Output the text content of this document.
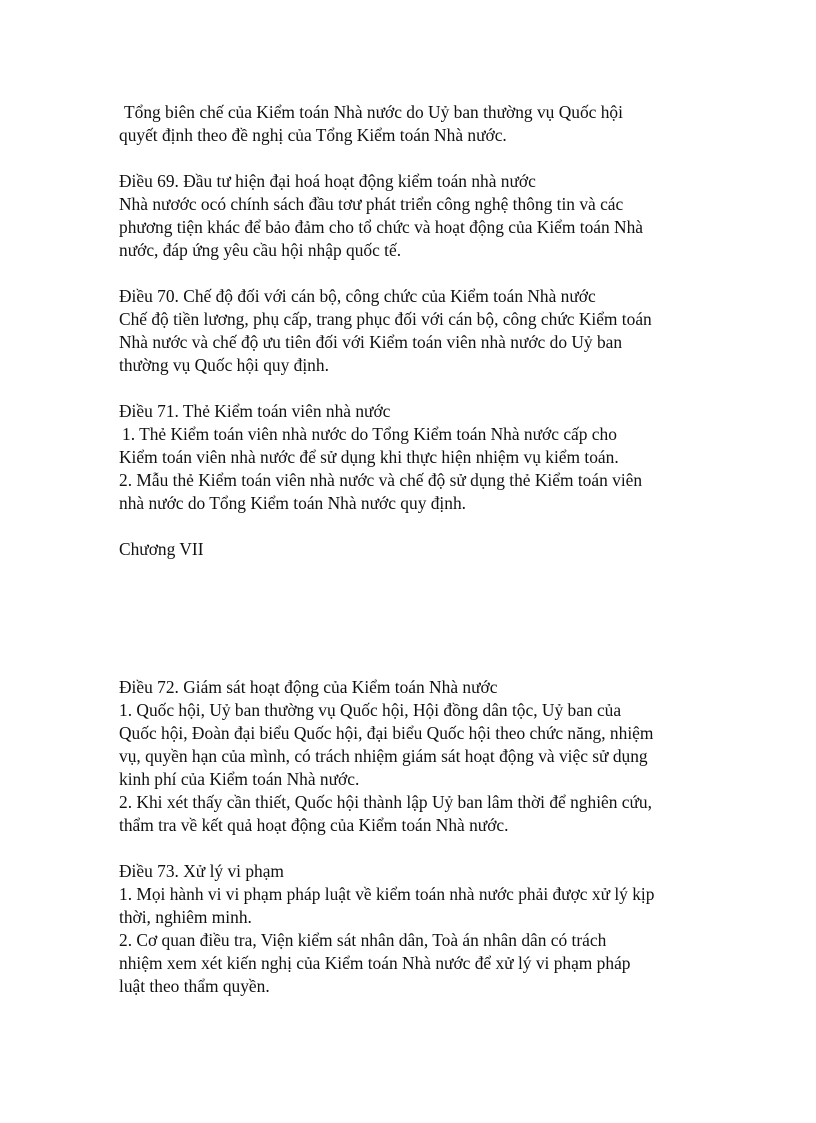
Tổng biên chế của Kiểm toán Nhà nước do Uỷ ban thường vụ Quốc hội
quyết định theo đề nghị của Tổng Kiểm toán Nhà nước.
Điều 69. Đầu tư hiện đại hoá hoạt động kiểm toán nhà nước
Nhà nươớc ocó chính sách đầu tơư phát triển công nghệ thông tin và các
phương tiện khác để bảo đảm cho tổ chức và hoạt động của Kiểm toán Nhà
nước, đáp ứng yêu cầu hội nhập quốc tế.
Điều 70. Chế độ đối với cán bộ, công chức của Kiểm toán Nhà nước
Chế độ tiền lương, phụ cấp, trang phục đối với cán bộ, công chức Kiểm toán
Nhà nước và chế độ ưu tiên đối với Kiểm toán viên nhà nước do Uỷ ban
thường vụ Quốc hội quy định.
Điều 71. Thẻ Kiểm toán viên nhà nước
1. Thẻ Kiểm toán viên nhà nước do Tổng Kiểm toán Nhà nước cấp cho
Kiểm toán viên nhà nước để sử dụng khi thực hiện nhiệm vụ kiểm toán.
2. Mẫu thẻ Kiểm toán viên nhà nước và chế độ sử dụng thẻ Kiểm toán viên
nhà nước do Tổng Kiểm toán Nhà nước quy định.
Chương VII
Điều 72. Giám sát hoạt động của Kiểm toán Nhà nước
1. Quốc hội, Uỷ ban thường vụ Quốc hội, Hội đồng dân tộc, Uỷ ban của
Quốc hội, Đoàn đại biểu Quốc hội, đại biểu Quốc hội theo chức năng, nhiệm
vụ, quyền hạn của mình, có trách nhiệm giám sát hoạt động và việc sử dụng
kinh phí của Kiểm toán Nhà nước.
2. Khi xét thấy cần thiết, Quốc hội thành lập Uỷ ban lâm thời để nghiên cứu,
thẩm tra về kết quả hoạt động của Kiểm toán Nhà nước.
Điều 73. Xử lý vi phạm
1. Mọi hành vi vi phạm pháp luật về kiểm toán nhà nước phải được xử lý kịp
thời, nghiêm minh.
2. Cơ quan điều tra, Viện kiểm sát nhân dân, Toà án nhân dân có trách
nhiệm xem xét kiến nghị của Kiểm toán Nhà nước để xử lý vi phạm pháp
luật theo thẩm quyền.
